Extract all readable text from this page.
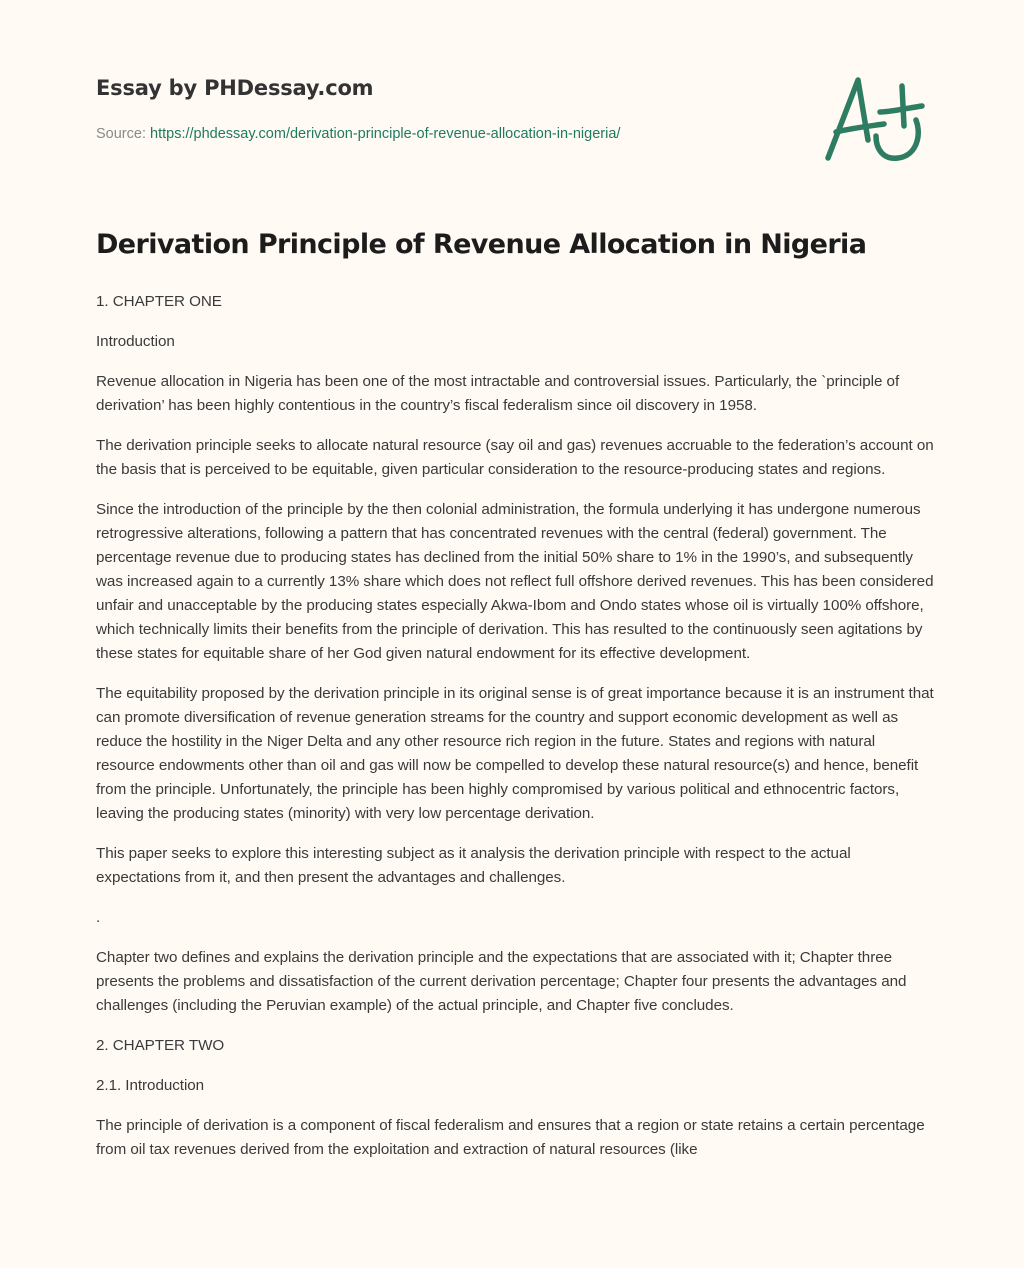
Essay by PHDessay.com
Source: https://phdessay.com/derivation-principle-of-revenue-allocation-in-nigeria/
Derivation Principle of Revenue Allocation in Nigeria

1. CHAPTER ONE

Introduction

Revenue allocation in Nigeria has been one of the most intractable and controversial issues. Particularly, the `principle of derivation’ has been highly contentious in the country’s fiscal federalism since oil discovery in 1958.

The derivation principle seeks to allocate natural resource (say oil and gas) revenues accruable to the federation’s account on the basis that is perceived to be equitable, given particular consideration to the resource-producing states and regions.

Since the introduction of the principle by the then colonial administration, the formula underlying it has undergone numerous retrogressive alterations, following a pattern that has concentrated revenues with the central (federal) government. The percentage revenue due to producing states has declined from the initial 50% share to 1% in the 1990’s, and subsequently was increased again to a currently 13% share which does not reflect full offshore derived revenues. This has been considered unfair and unacceptable by the producing states especially Akwa-Ibom and Ondo states whose oil is virtually 100% offshore, which technically limits their benefits from the principle of derivation. This has resulted to the continuously seen agitations by these states for equitable share of her God given natural endowment for its effective development.

The equitability proposed by the derivation principle in its original sense is of great importance because it is an instrument that can promote diversification of revenue generation streams for the country and support economic development as well as reduce the hostility in the Niger Delta and any other resource rich region in the future. States and regions with natural resource endowments other than oil and gas will now be compelled to develop these natural resource(s) and hence, benefit from the principle. Unfortunately, the principle has been highly compromised by various political and ethnocentric factors, leaving the producing states (minority) with very low percentage derivation.

This paper seeks to explore this interesting subject as it analysis the derivation principle with respect to the actual expectations from it, and then present the advantages and challenges.

.

Chapter two defines and explains the derivation principle and the expectations that are associated with it; Chapter three presents the problems and dissatisfaction of the current derivation percentage; Chapter four presents the advantages and challenges (including the Peruvian example) of the actual principle, and Chapter five concludes.

2. CHAPTER TWO

2.1. Introduction

The principle of derivation is a component of fiscal federalism and ensures that a region or state retains a certain percentage from oil tax revenues derived from the exploitation and extraction of natural resources (like
